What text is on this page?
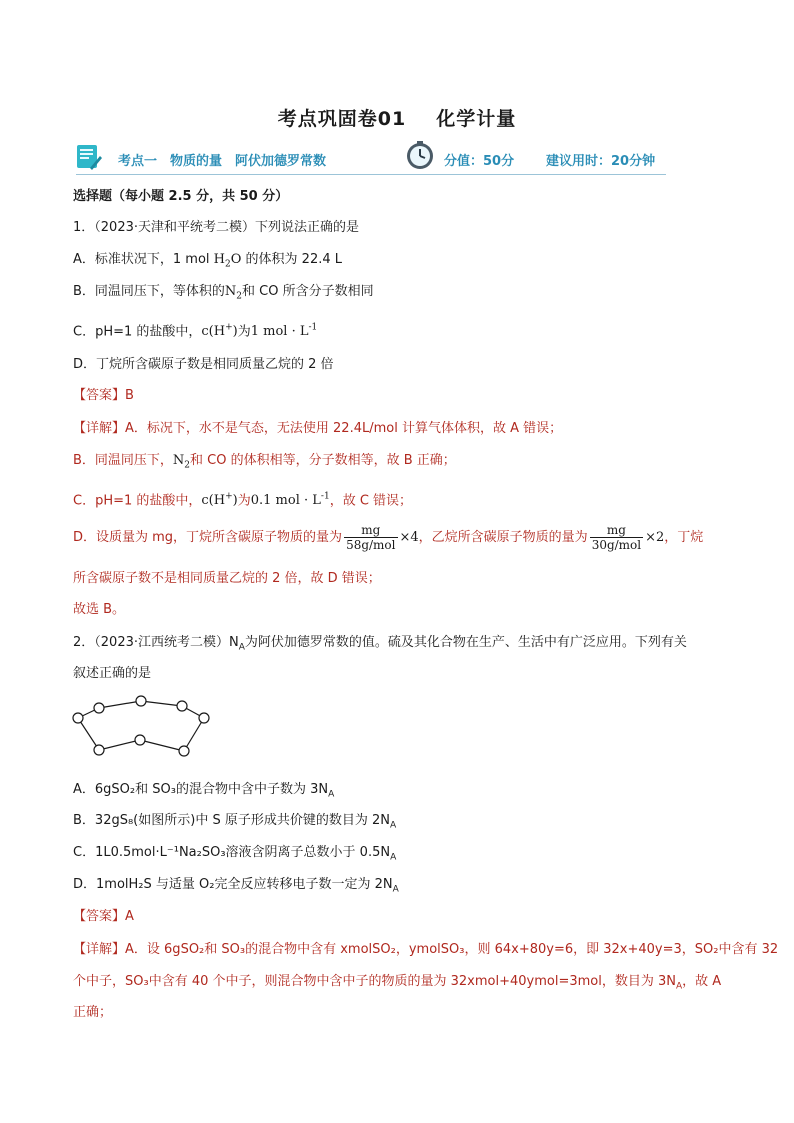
考点巩固卷01 化学计量
考点一　物质的量　阿伏加德罗常数	分值：50分 建议用时：20分钟
选择题（每小题 2.5 分，共 50 分）
1．（2023·天津和平统考二模）下列说法正确的是
A．标准状况下，1 mol $H_2O$ 的体积为 22.4 L
B．同温同压下，等体积的$N_2$和 CO 所含分子数相同
C．pH=1 的盐酸中，c(H+)为1 mol · $L^{-1}$
D．丁烷所含碳原子数是相同质量乙烷的 2 倍
【答案】B
【详解】A．标况下，水不是气态，无法使用 22.4L/mol 计算气体体积，故 A 错误；
B．同温同压下，$N_2$和 CO 的体积相等，分子数相等，故 B 正确；
C．pH=1 的盐酸中，c(H+)为0.1 mol · $L^{-1}$，故 C 错误；
D．设质量为 mg，丁烷所含碳原子物质的量为 $\frac{mg}{\text{58g/mol}} \times 4$，乙烷所含碳原子物质的量为 $\frac{mg}{\text{30g/mol}} \times 2$，丁烷
所含碳原子数不是相同质量乙烷的 2 倍，故 D 错误；
故选 B。
2．（2023·江西统考二模）$N_A$为阿伏加德罗常数的值。硫及其化合物在生产、生活中有广泛应用。下列有关
叙述正确的是
A．6gSO₂和 SO₃的混合物中含中子数为 $3N_A$
B．32gS₈(如图所示)中 S 原子形成共价键的数目为 $2N_A$
C．1L0.5mol·L⁻¹Na₂SO₃溶液含阴离子总数小于 $0.5N_A$
D．1molH₂S 与适量 O₂完全反应转移电子数一定为 $2N_A$
【答案】A
【详解】A．设 6gSO₂和 SO₃的混合物中含有 xmolSO₂，ymolSO₃，则 64x+80y=6，即 32x+40y=3，SO₂中含有 32
个中子，SO₃中含有 40 个中子，则混合物中含中子的物质的量为 32xmol+40ymol=3mol，数目为 $3N_A$，故 A
正确；
